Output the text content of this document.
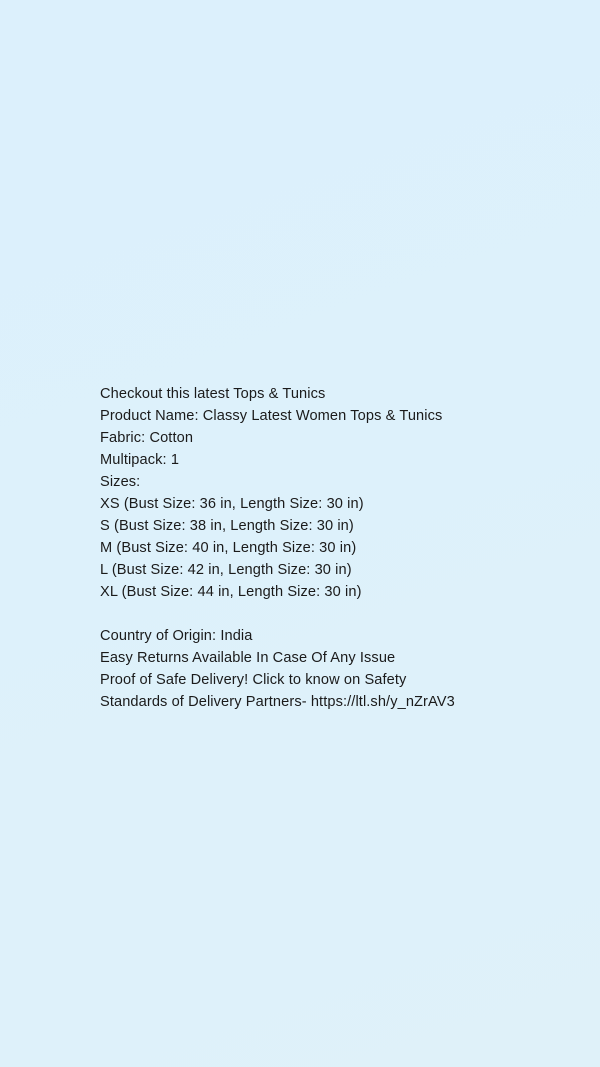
Checkout this latest Tops & Tunics
Product Name: Classy Latest Women Tops & Tunics
Fabric: Cotton
Multipack: 1
Sizes:
XS (Bust Size: 36 in, Length Size: 30 in)
S (Bust Size: 38 in, Length Size: 30 in)
M (Bust Size: 40 in, Length Size: 30 in)
L (Bust Size: 42 in, Length Size: 30 in)
XL (Bust Size: 44 in, Length Size: 30 in)
Country of Origin: India
Easy Returns Available In Case Of Any Issue
Proof of Safe Delivery! Click to know on Safety
Standards of Delivery Partners- https://ltl.sh/y_nZrAV3
